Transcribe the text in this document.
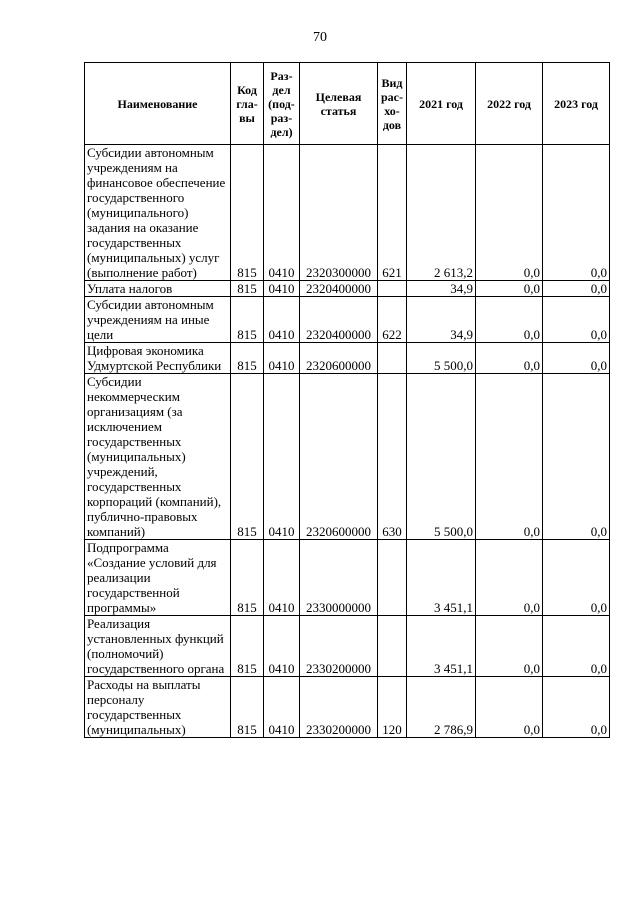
70
Наименование	Код гла- вы	Раз- дел (под- раз- дел)	Целевая статья	Вид рас- хо- дов	2021 год	2022 год	2023 год
Субсидии автономным учреждениям на финансовое обеспечение государственного (муниципального) задания на оказание государственных (муниципальных) услуг (выполнение работ)	815	0410	2320300000	621	2 613,2	0,0	0,0
Уплата налогов	815	0410	2320400000		34,9	0,0	0,0
Субсидии автономным учреждениям на иные цели	815	0410	2320400000	622	34,9	0,0	0,0
Цифровая экономика Удмуртской Республики	815	0410	2320600000		5 500,0	0,0	0,0
Субсидии некоммерческим организациям (за исключением государственных (муниципальных) учреждений, государственных корпораций (компаний), публично-правовых компаний)	815	0410	2320600000	630	5 500,0	0,0	0,0
Подпрограмма «Создание условий для реализации государственной программы»	815	0410	2330000000		3 451,1	0,0	0,0
Реализация установленных функций (полномочий) государственного органа	815	0410	2330200000		3 451,1	0,0	0,0
Расходы на выплаты персоналу государственных (муниципальных)	815	0410	2330200000	120	2 786,9	0,0	0,0
